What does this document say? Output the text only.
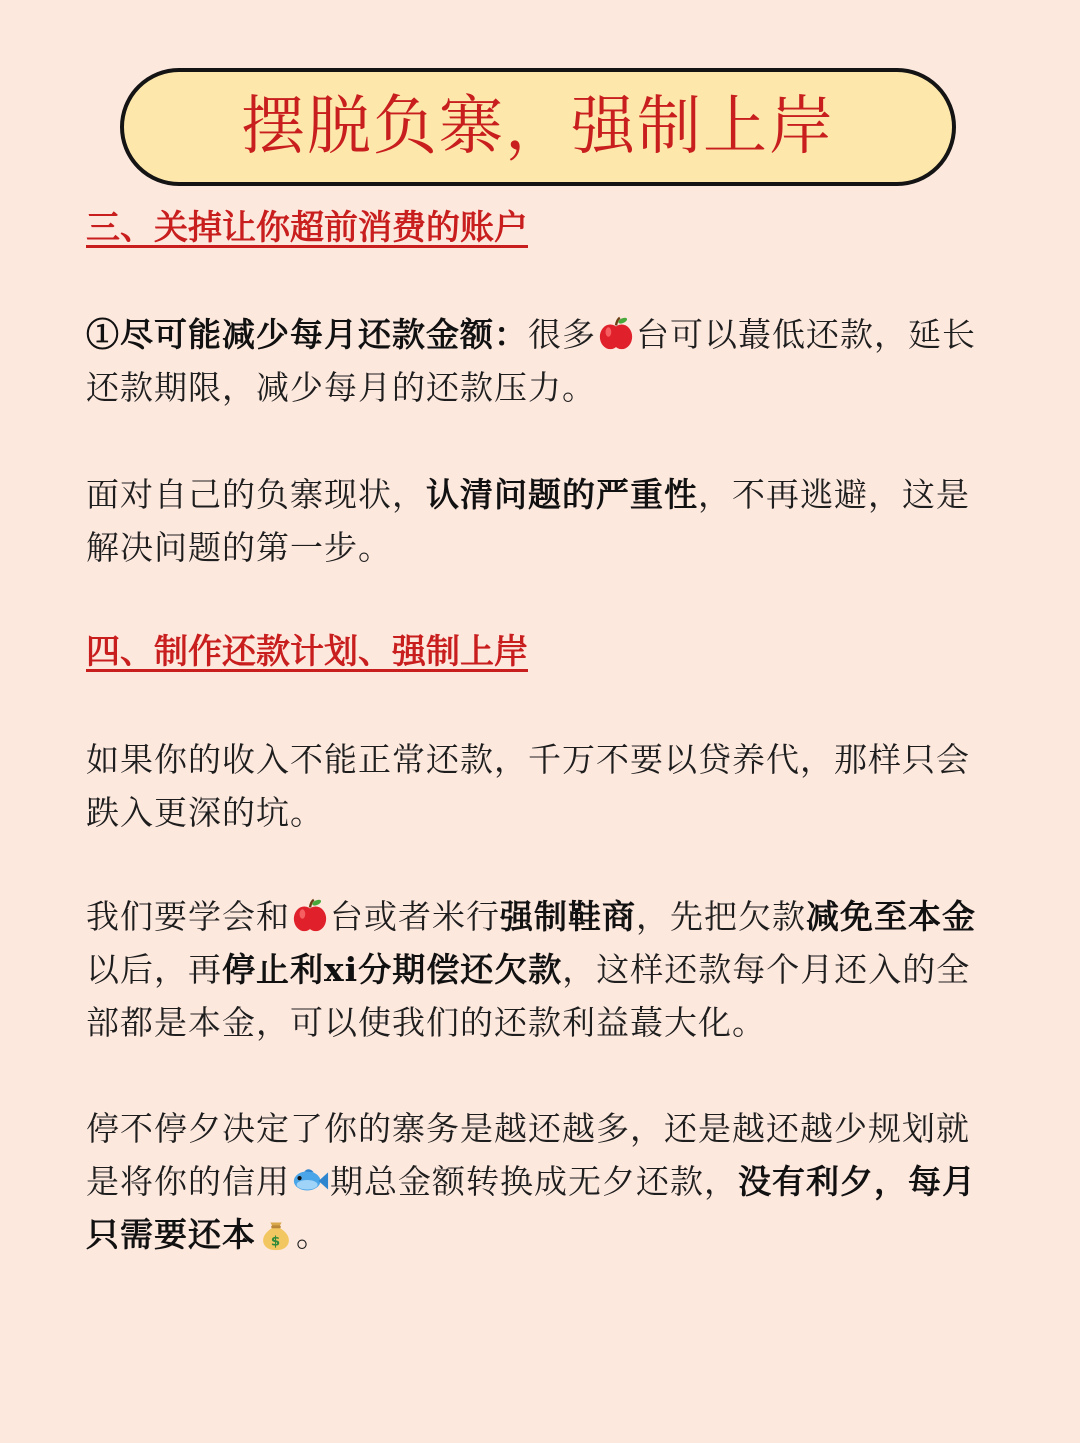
摆脱负寨，强制上岸
三、关掉让你超前消费的账户

①尽可能减少每月还款金额：很多 台可以蕞低还款，延长还款期限，减少每月的还款压力。

面对自己的负寨现状，认清问题的严重性，不再逃避，这是解决问题的第一步。

四、制作还款计划、强制上岸

如果你的收入不能正常还款，千万不要以贷养代，那样只会跌入更深的坑。

我们要学会和 台或者米行强制鞋商，先把欠款减免至本金以后，再停止利xi分期偿还欠款，这样还款每个月还入的全部都是本金，可以使我们的还款利益蕞大化。

停不停夕决定了你的寨务是越还越多，还是越还越少规划就是将你的信用 期总金额转换成无夕还款，没有利夕，每月只需要还本 $ 。
